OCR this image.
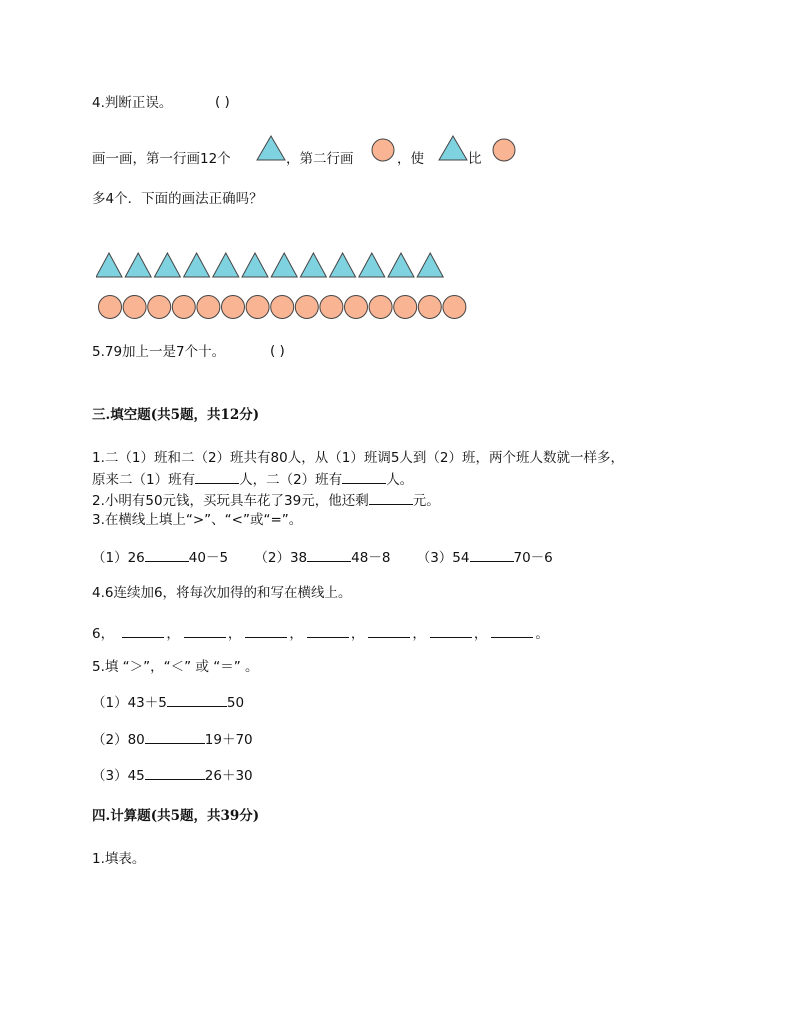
4.判断正误。	( )
画一画，第一行画12个	，第二行画	，使	比
多4个．下面的画法正确吗？
5.79加上一是7个十。	( )
三.填空题(共5题，共12分)
1.二（1）班和二（2）班共有80人，从（1）班调5人到（2）班，两个班人数就一样多，
原来二（1）班有	人，二（2）班有	人。
2.小明有50元钱，买玩具车花了39元，他还剩	元。
3.在横线上填上“>”、“<”或“=”。
（1）26	40－5 （2）38	48－8 （3）54	70－6
4.6连续加6，将每次加得的和写在横线上。
6，	，	，	，	，	，	，	。
5.填 “＞”，“＜” 或 “＝” 。
（1）43＋5	50
（2）80	19＋70
（3）45	26＋30
四.计算题(共5题，共39分)
1.填表。
